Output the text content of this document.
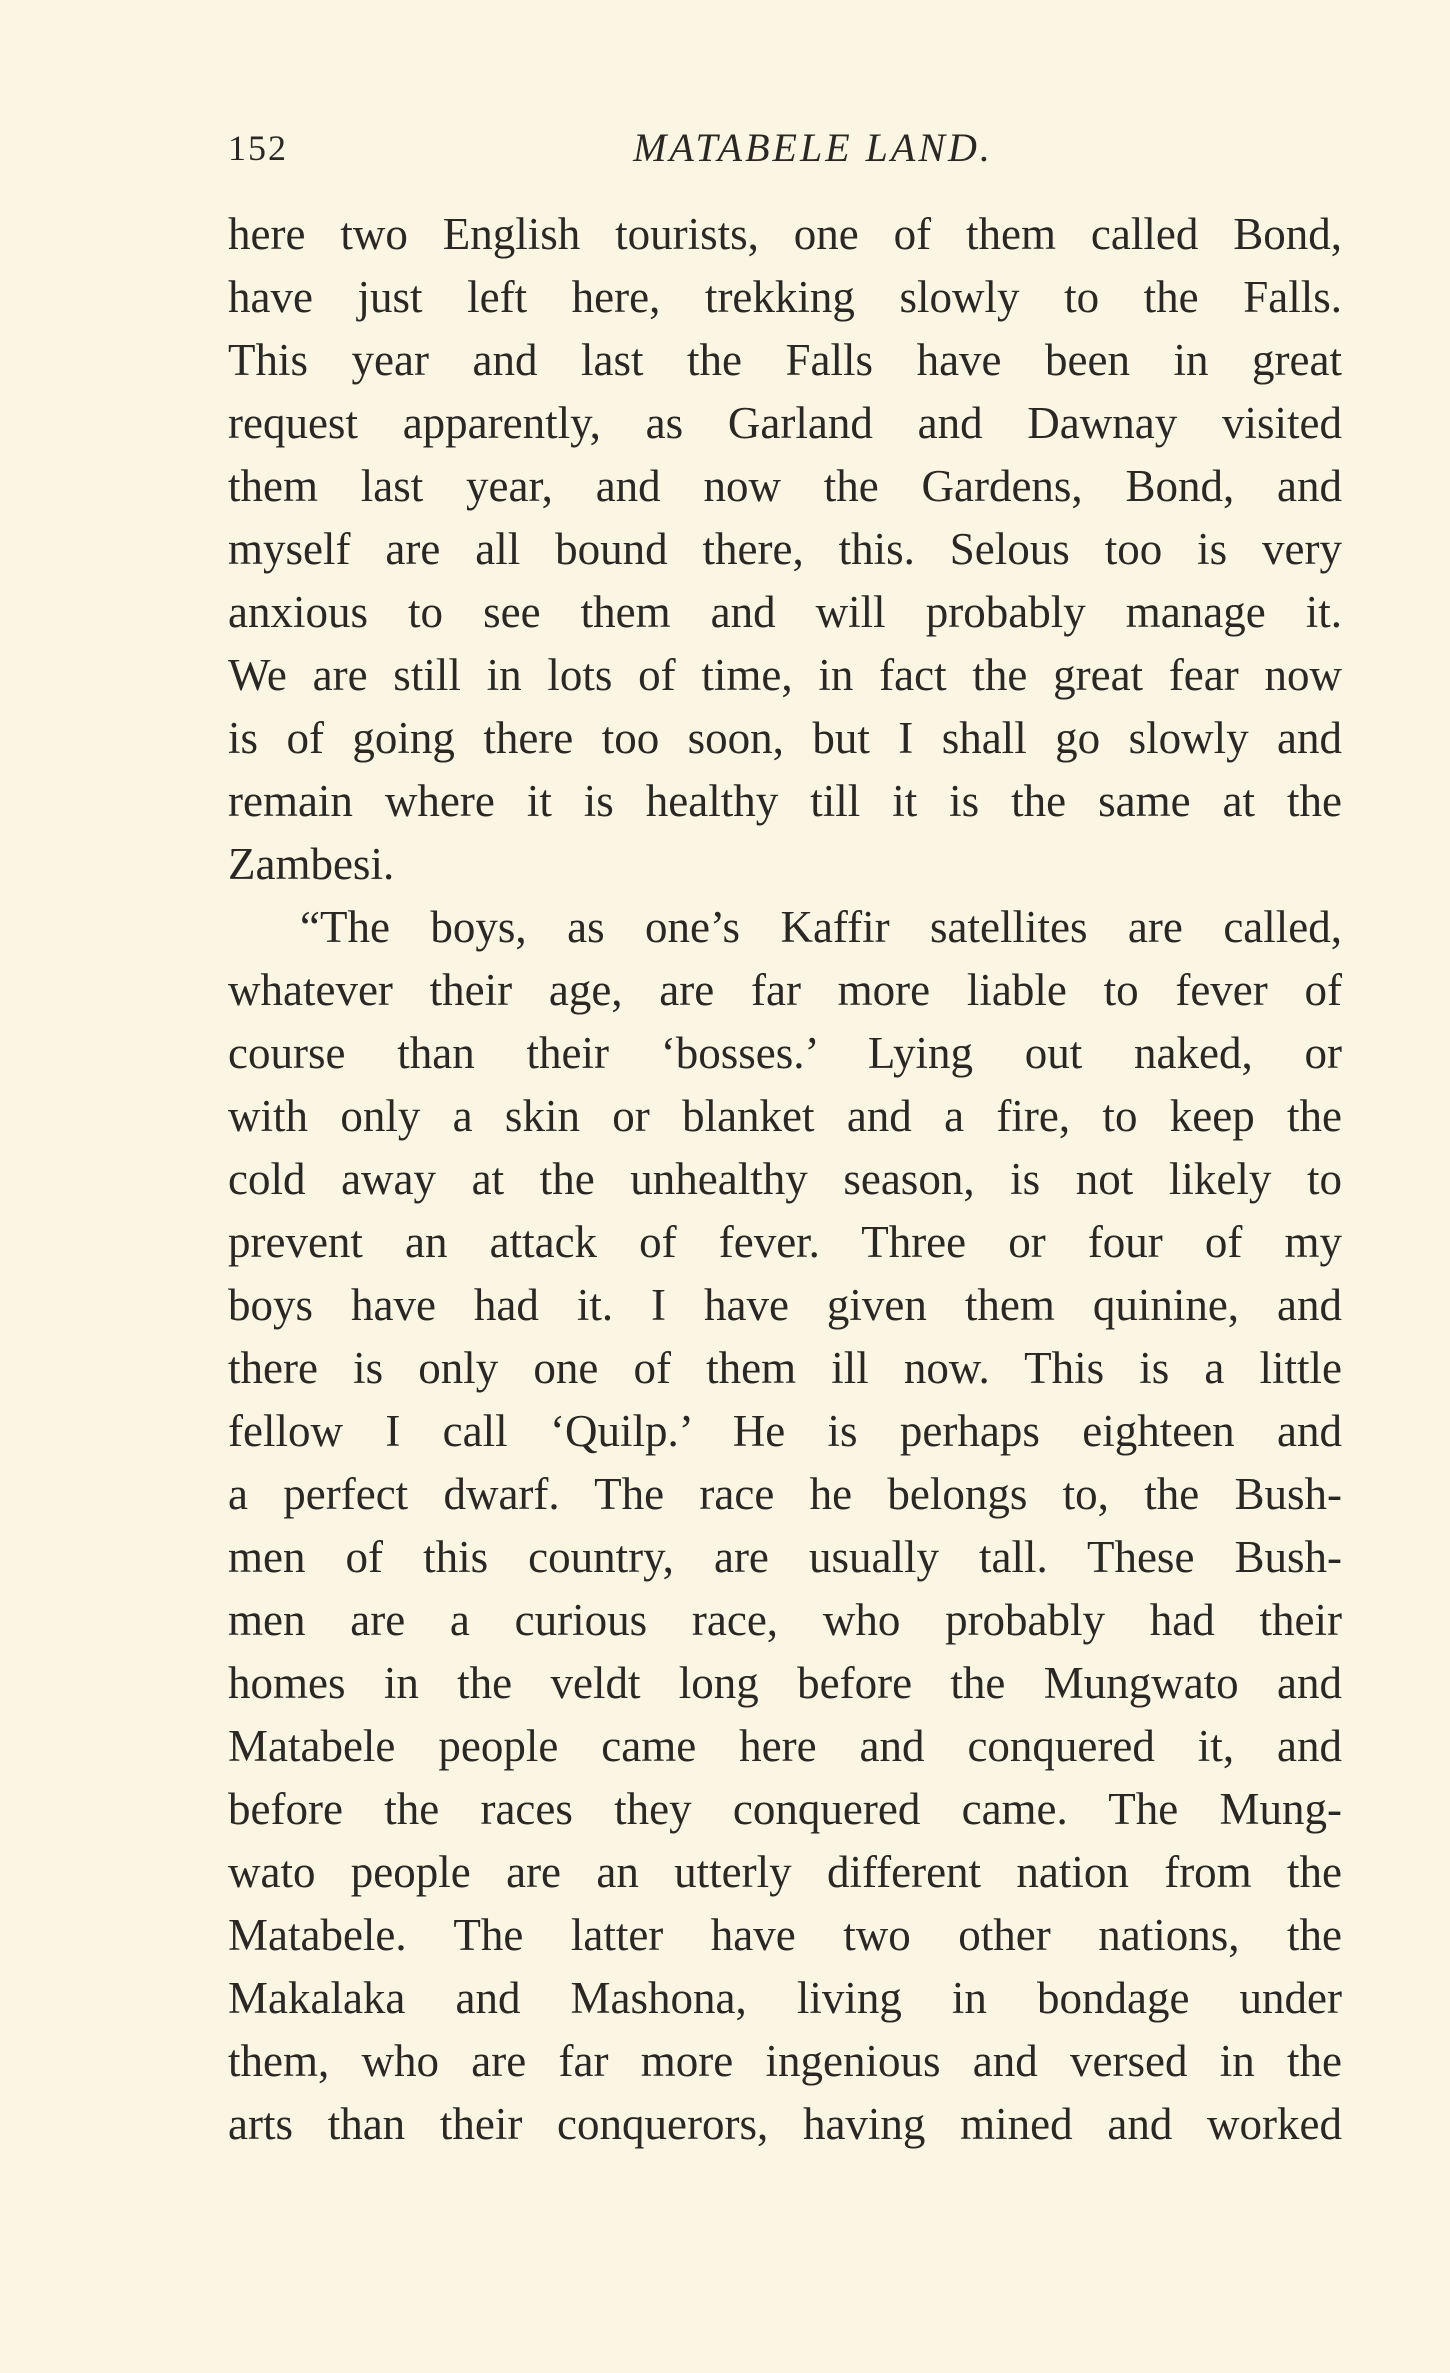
152	MATABELE LAND.
here two English tourists, one of them called Bond,
have just left here, trekking slowly to the Falls.
This year and last the Falls have been in great
request apparently, as Garland and Dawnay visited
them last year, and now the Gardens, Bond, and
myself are all bound there, this. Selous too is very
anxious to see them and will probably manage it.
We are still in lots of time, in fact the great fear now
is of going there too soon, but I shall go slowly and
remain where it is healthy till it is the same at the
Zambesi.
“The boys, as one’s Kaffir satellites are called,
whatever their age, are far more liable to fever of
course than their ‘bosses.’ Lying out naked, or
with only a skin or blanket and a fire, to keep the
cold away at the unhealthy season, is not likely to
prevent an attack of fever. Three or four of my
boys have had it. I have given them quinine, and
there is only one of them ill now. This is a little
fellow I call ‘Quilp.’ He is perhaps eighteen and
a perfect dwarf. The race he belongs to, the Bush-
men of this country, are usually tall. These Bush-
men are a curious race, who probably had their
homes in the veldt long before the Mungwato and
Matabele people came here and conquered it, and
before the races they conquered came. The Mung-
wato people are an utterly different nation from the
Matabele. The latter have two other nations, the
Makalaka and Mashona, living in bondage under
them, who are far more ingenious and versed in the
arts than their conquerors, having mined and worked
